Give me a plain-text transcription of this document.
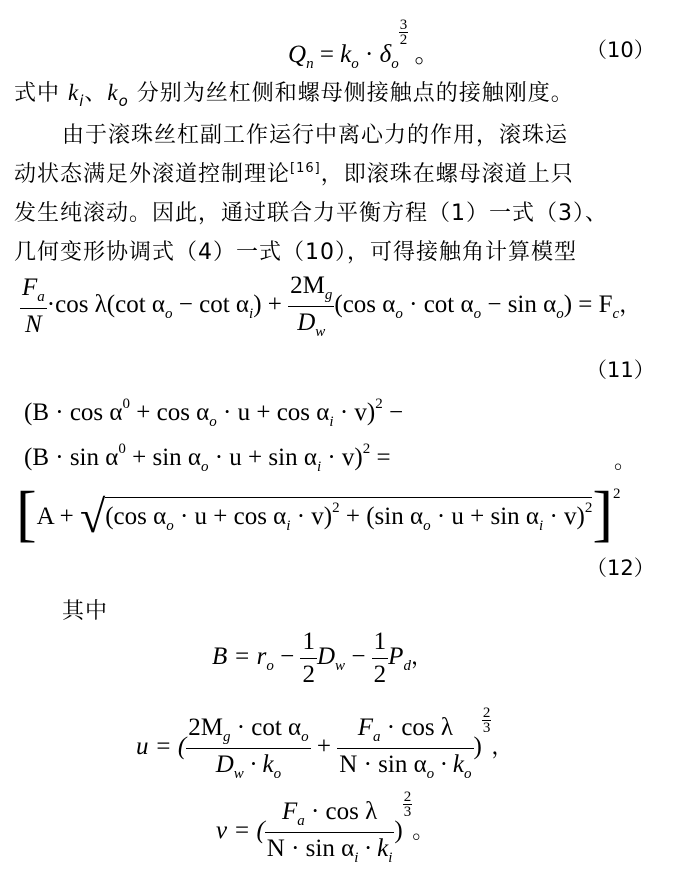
$Q_n = k_o \cdot \delta_o$
$\frac{3}{2}$
。	（10）
式中 $k_i$、$k_o$ 分别为丝杠侧和螺母侧接触点的接触刚度。
由于滚珠丝杠副工作运行中离心力的作用，滚珠运
动状态满足外滚道控制理论[16]，即滚珠在螺母滚道上只
发生纯滚动。因此，通过联合力平衡方程（1）一式（3）、
几何变形协调式（4）一式（10），可得接触角计算模型
$\frac{F_a}{N} \cdot\cos$ λ(cot $\alpha_o - \cot \alpha_i) + \frac{2M_g}{D_w} (\cos$ $\alpha_o \cdot \cot \alpha_o - \sin \alpha_o) = F_c$，
（11）
$(B \cdot \cos \alpha^0 + \cos \alpha_o \cdot u + \cos \alpha_i \cdot v)^2$ −
$(B \cdot \sin \alpha^0 + \sin \alpha_o \cdot u + \sin \alpha_i \cdot v)^2$ =	。
[A + √(cos $\alpha_o \cdot u + \cos \alpha_i \cdot v)^2 + (\sin$ $\alpha_o \cdot u + \sin \alpha_i \cdot v)^2]^2$
（12）
其中
$B = r_o - \frac{1}{2} D_w - \frac{1}{2} P_d$，
u = ( $\frac{2M_g \cdot \cot \alpha_o}{D_w \cdot k_o} + \frac{F_a \cdot \cos \lambda}{N \cdot \sin \alpha_o \cdot k_o}$ )
$\frac{2}{3}$
，
v = ( $\frac{F_a \cdot \cos \lambda}{N \cdot \sin \alpha_i \cdot k_i}$ )
$\frac{2}{3}$
。
